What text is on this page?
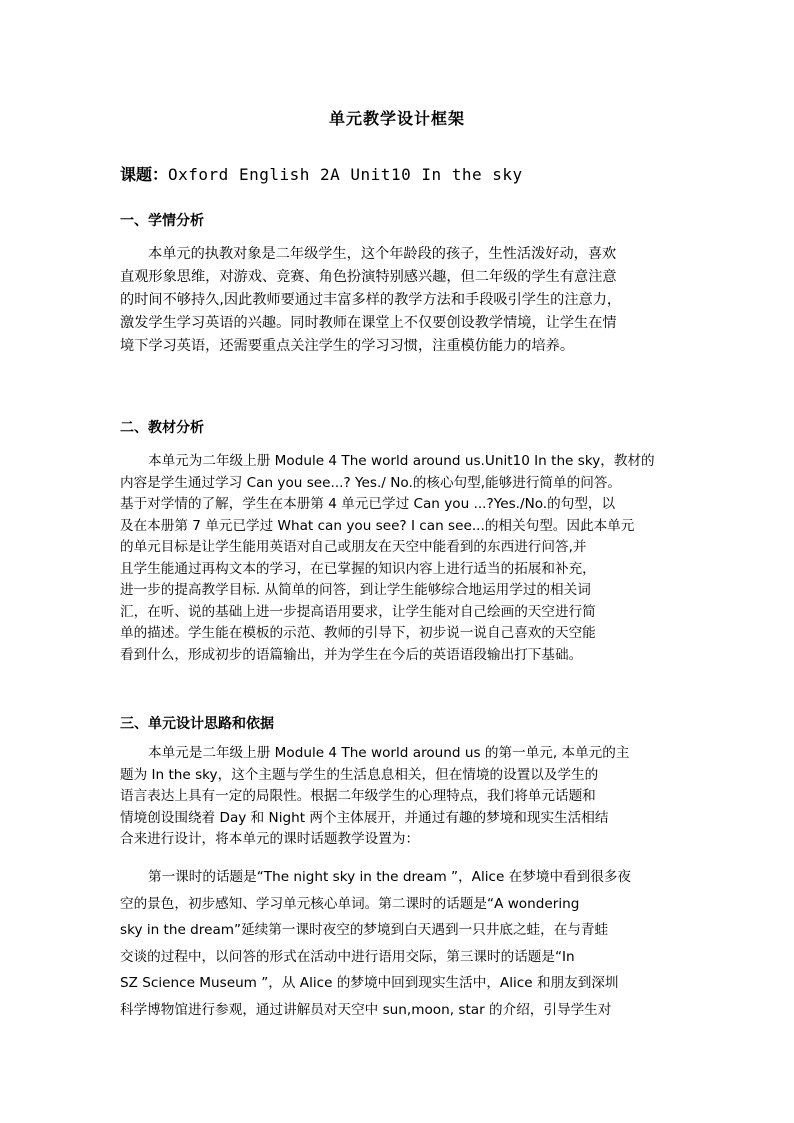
单元教学设计框架
课题：Oxford English 2A Unit10 In the sky
一、学情分析
本单元的执教对象是二年级学生，这个年龄段的孩子，生性活泼好动，喜欢
直观形象思维，对游戏、竞赛、角色扮演特别感兴趣，但二年级的学生有意注意
的时间不够持久,因此教师要通过丰富多样的教学方法和手段吸引学生的注意力，
激发学生学习英语的兴趣。同时教师在课堂上不仅要创设教学情境，让学生在情
境下学习英语，还需要重点关注学生的学习习惯，注重模仿能力的培养。
二、教材分析
本单元为二年级上册 Module 4 The world around us.Unit10 In the sky，教材的
内容是学生通过学习 Can you see...? Yes./ No.的核心句型,能够进行简单的问答。
基于对学情的了解，学生在本册第 4 单元已学过 Can you ...?Yes./No.的句型，以
及在本册第 7 单元已学过 What can you see? I can see...的相关句型。因此本单元
的单元目标是让学生能用英语对自己或朋友在天空中能看到的东西进行问答,并
且学生能通过再构文本的学习，在已掌握的知识内容上进行适当的拓展和补充，
进一步的提高教学目标. 从简单的问答，到让学生能够综合地运用学过的相关词
汇，在听、说的基础上进一步提高语用要求，让学生能对自己绘画的天空进行简
单的描述。学生能在模板的示范、教师的引导下，初步说一说自己喜欢的天空能
看到什么，形成初步的语篇输出，并为学生在今后的英语语段输出打下基础。
三、单元设计思路和依据
本单元是二年级上册 Module 4 The world around us 的第一单元, 本单元的主
题为 In the sky，这个主题与学生的生活息息相关，但在情境的设置以及学生的
语言表达上具有一定的局限性。根据二年级学生的心理特点，我们将单元话题和
情境创设围绕着 Day 和 Night 两个主体展开，并通过有趣的梦境和现实生活相结
合来进行设计，将本单元的课时话题教学设置为：
第一课时的话题是“The night sky in the dream ”，Alice 在梦境中看到很多夜
空的景色，初步感知、学习单元核心单词。第二课时的话题是“A wondering
sky in the dream”延续第一课时夜空的梦境到白天遇到一只井底之蛙，在与青蛙
交谈的过程中，以问答的形式在活动中进行语用交际，第三课时的话题是“In
SZ Science Museum ”，从 Alice 的梦境中回到现实生活中，Alice 和朋友到深圳
科学博物馆进行参观，通过讲解员对天空中 sun,moon, star 的介绍，引导学生对
